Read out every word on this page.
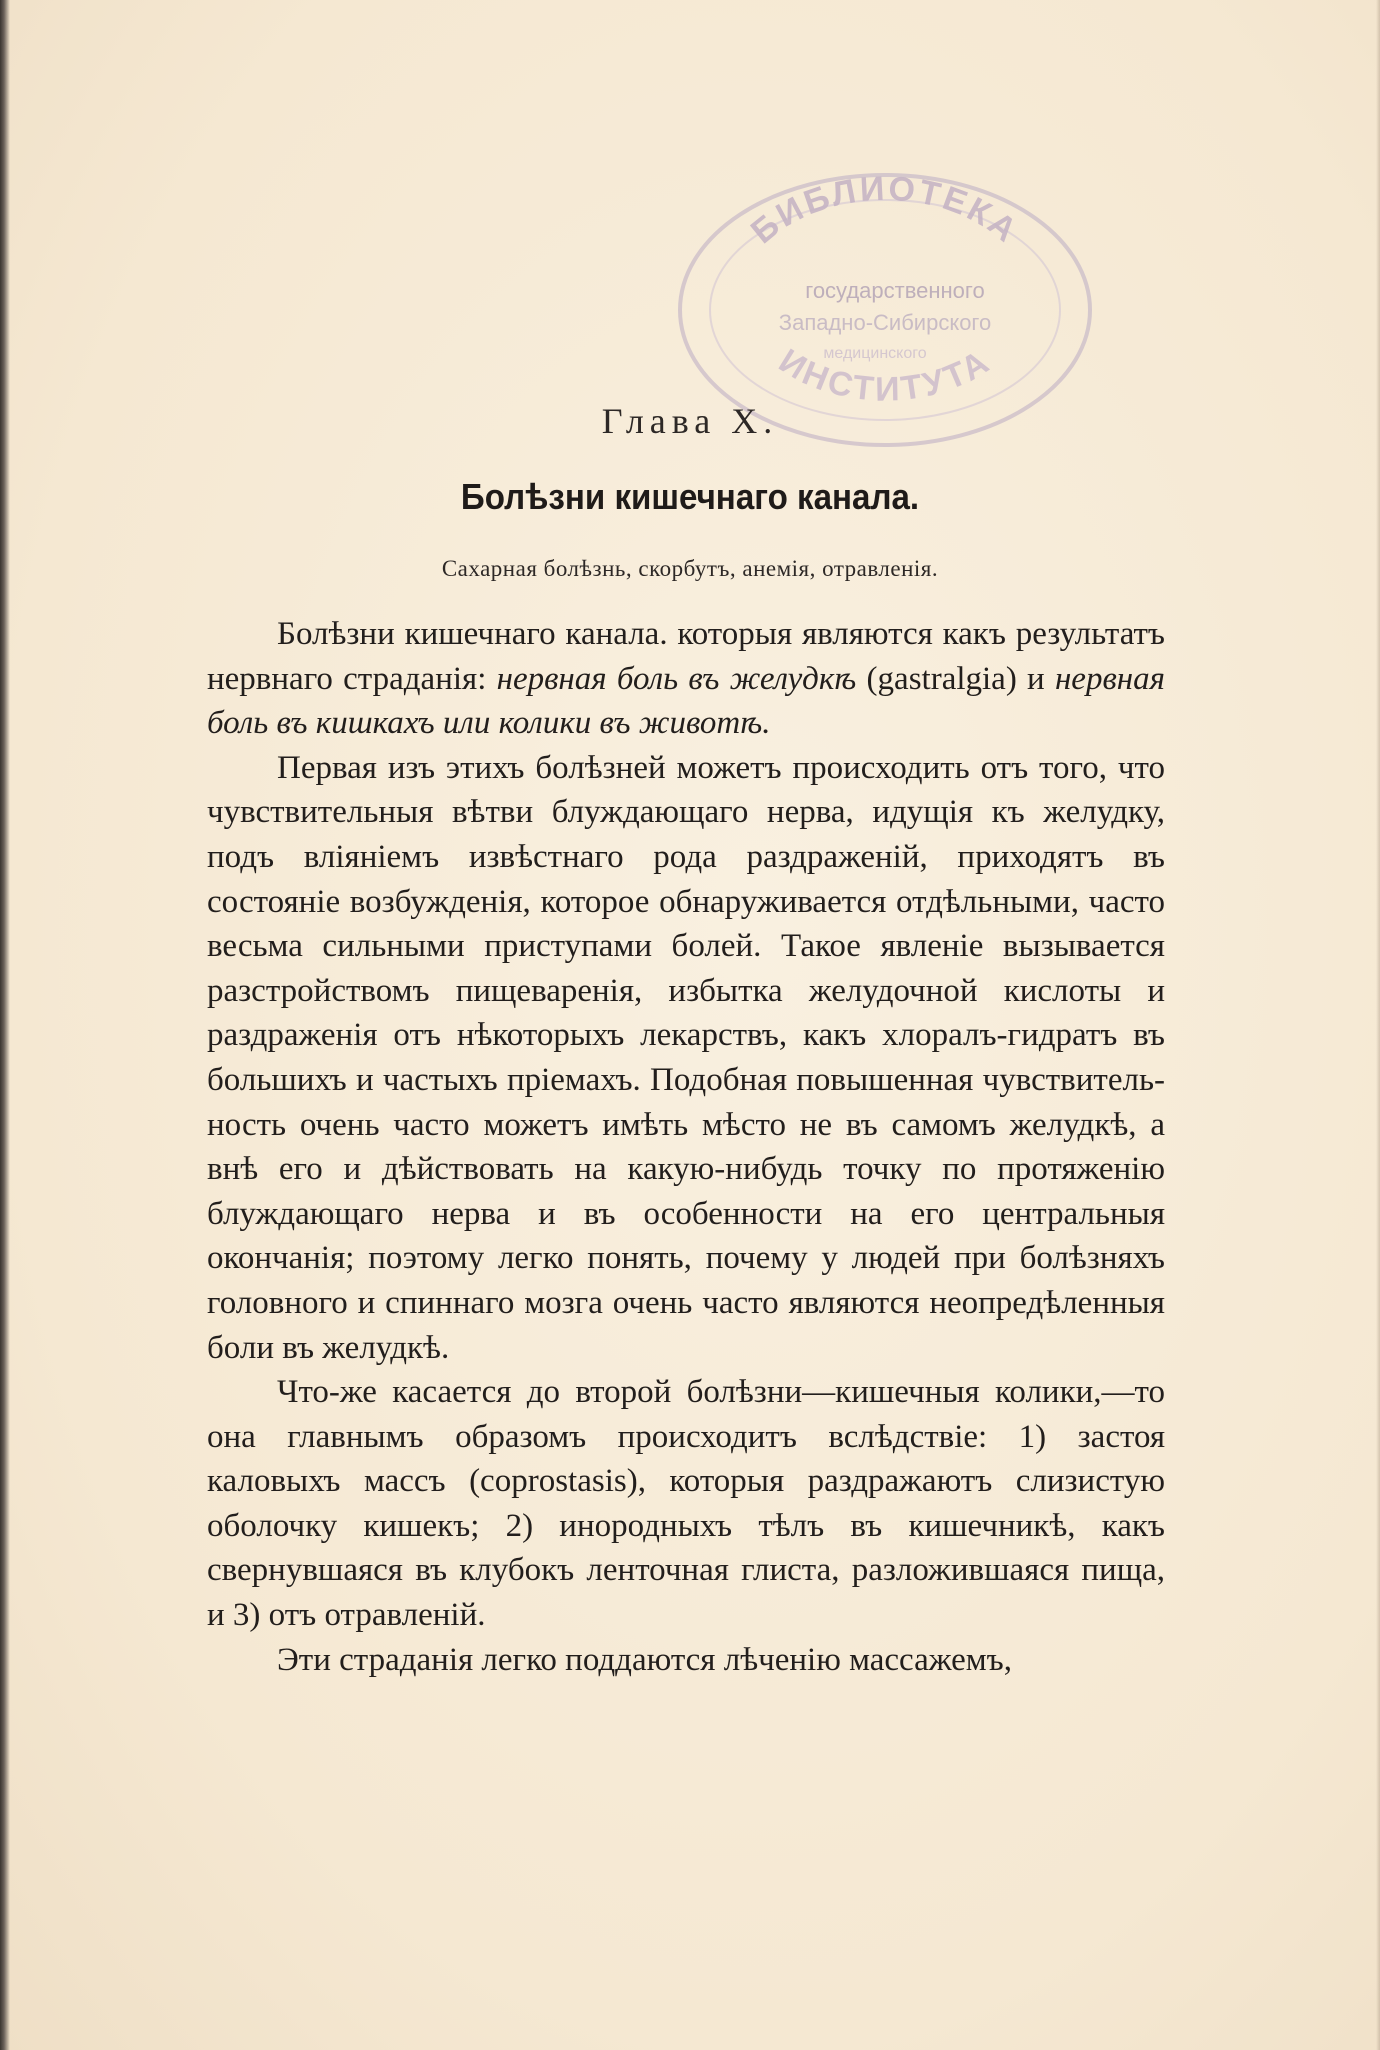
БИБЛИОТЕКА
государственного
Западно-Сибирского
медицинского
ИНСТИТУТА
Глава X.
Болѣзни кишечнаго канала.
Сахарная болѣзнь, скорбутъ, анемія, отравленія.

Болѣзни кишечнаго канала. которыя являются какъ результатъ нервнаго страданія: нервная боль въ желудкѣ (gastralgia) и нервная боль въ кишкахъ или колики въ животѣ.

Первая изъ этихъ болѣзней можетъ происходить отъ того, что чувствительныя вѣтви блуждающаго нерва, идущія къ желудку, подъ вліяніемъ извѣстнаго рода раздраженій, приходятъ въ состояніе возбужденія, которое обнаруживается отдѣльными, часто весьма сильными приступами болей. Такое явленіе вызывается разстройствомъ пищеваренія, избытка желудочной кислоты и раздраженія отъ нѣкоторыхъ лекарствъ, какъ хлоралъ-гидратъ въ большихъ и частыхъ пріемахъ. Подобная повышенная чувствительность очень часто можетъ имѣть мѣсто не въ самомъ желудкѣ, а внѣ его и дѣйствовать на какую-нибудь точку по протяженію блуждающаго нерва и въ особенности на его центральныя окончанія; поэтому легко понять, почему у людей при болѣзняхъ головного и спиннаго мозга очень часто являются неопредѣленныя боли въ желудкѣ.

Что-же касается до второй болѣзни—кишечныя колики,—то она главнымъ образомъ происходитъ вслѣдствіе: 1) застоя каловыхъ массъ (coprostasis), которыя раздражаютъ слизистую оболочку кишекъ; 2) инородныхъ тѣлъ въ кишечникѣ, какъ свернувшаяся въ клубокъ ленточная глиста, разложившаяся пища, и 3) отъ отравленій.

Эти страданія легко поддаются лѣченію массажемъ,
